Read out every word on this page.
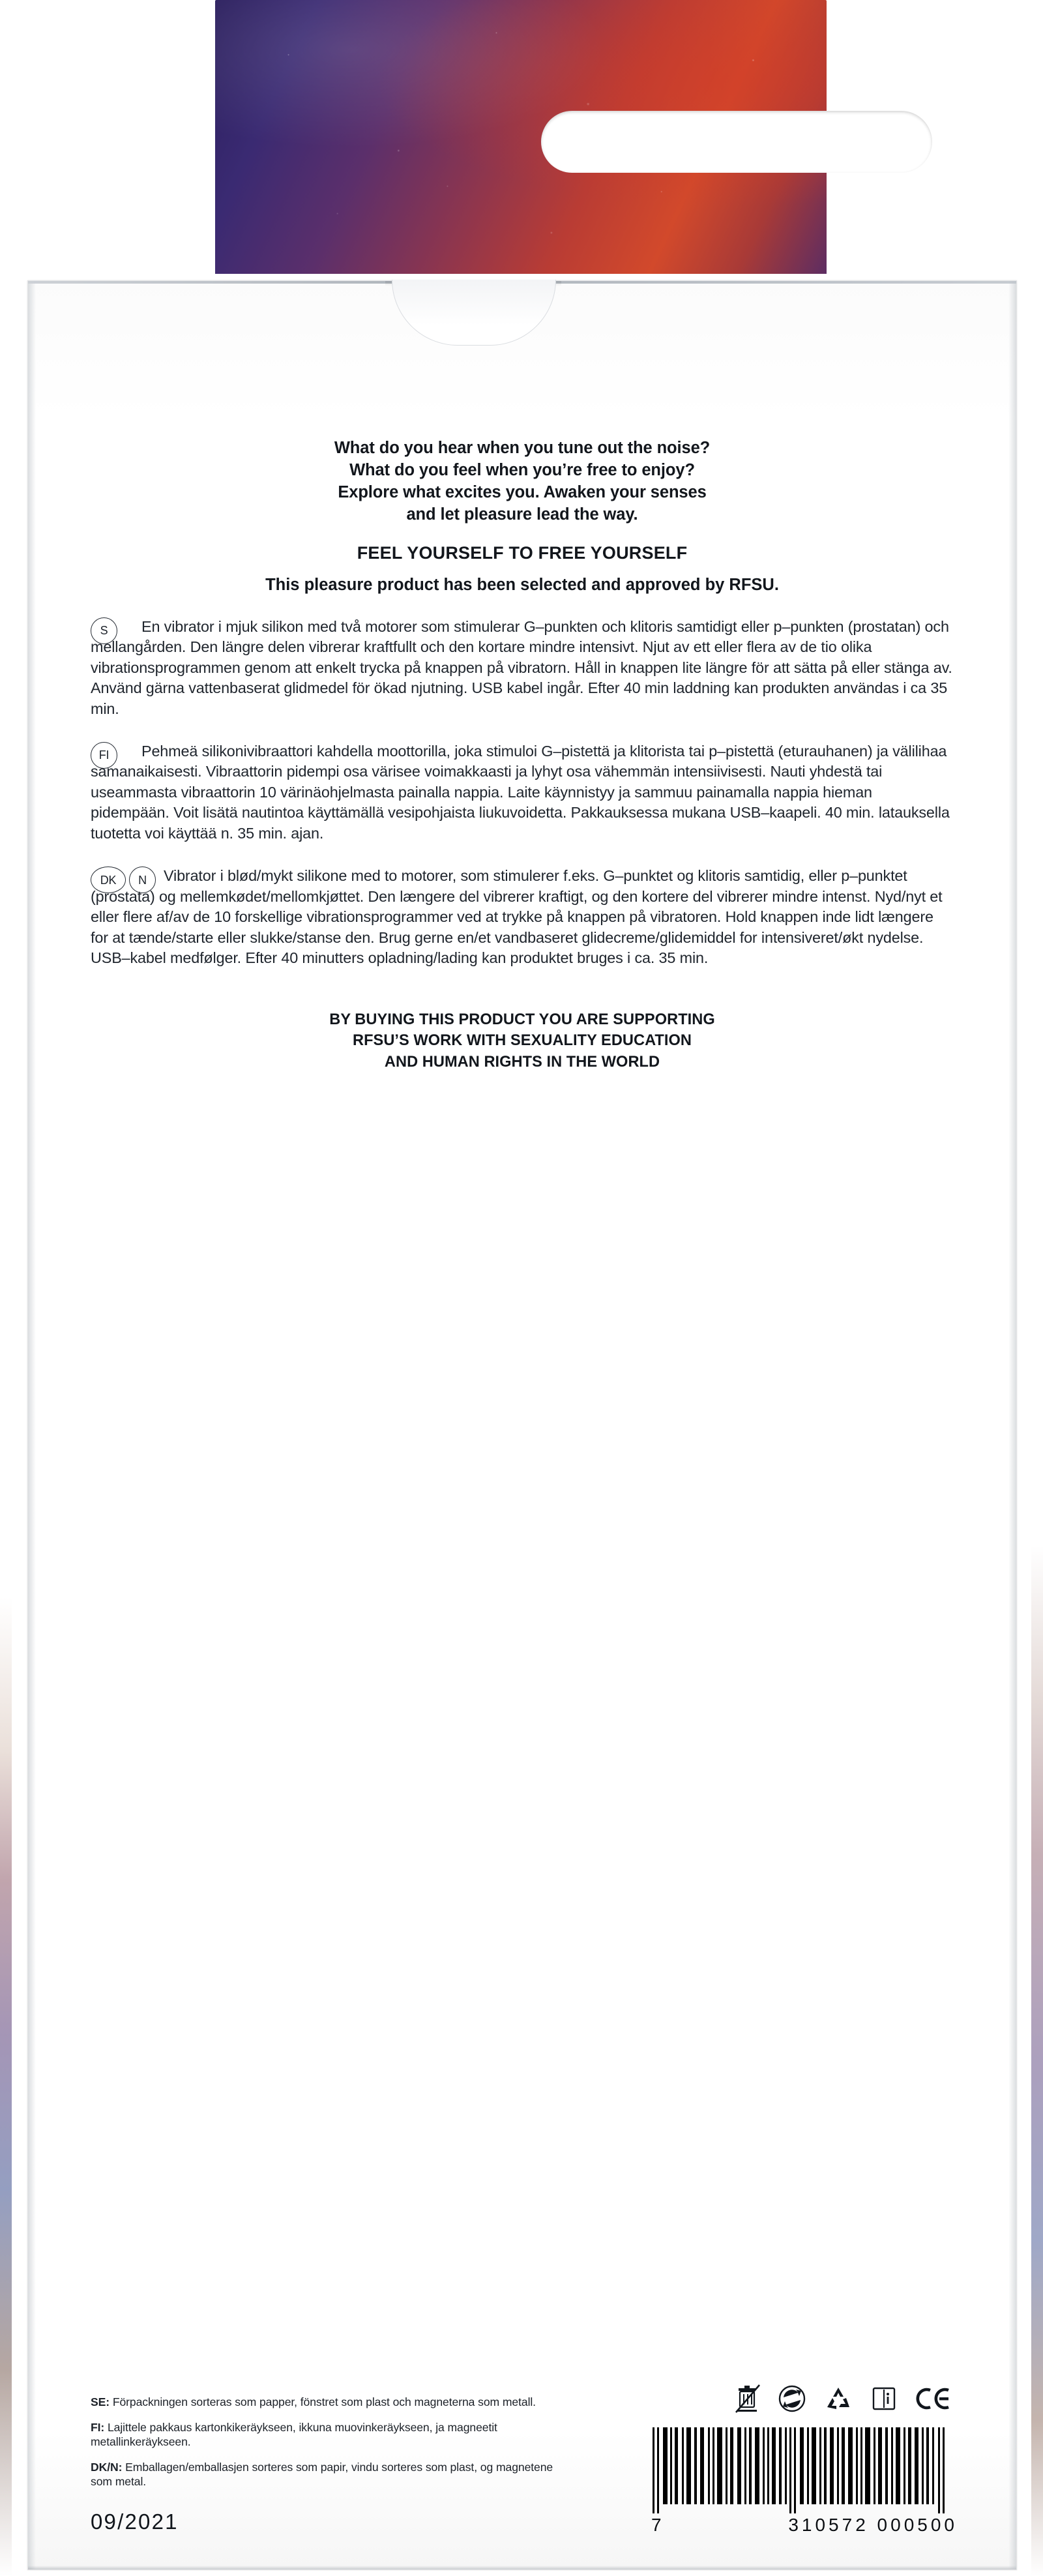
✦
What do you hear when you tune out the noise?
What do you feel when you’re free to enjoy?
Explore what excites you. Awaken your senses
and let pleasure lead the way.
FEEL YOURSELF TO FREE YOURSELF
This pleasure product has been selected and approved by RFSU.
S	En vibrator i mjuk silikon med två motorer som stimulerar G–punkten och klitoris samtidigt eller p–punkten (prostatan) och mellangården. Den längre delen vibrerar kraftfullt och den kortare mindre intensivt. Njut av ett eller flera av de tio olika vibrationsprogrammen genom att enkelt trycka på knappen på vibratorn. Håll in knappen lite längre för att sätta på eller stänga av. Använd gärna vattenbaserat glidmedel för ökad njutning. USB kabel ingår. Efter 40 min laddning kan produkten användas i ca 35 min.

FI	Pehmeä silikonivibraattori kahdella moottorilla, joka stimuloi G–pistettä ja klitorista tai p–pistettä (eturauhanen) ja välilihaa samanaikaisesti. Vibraattorin pidempi osa värisee voimakkaasti ja lyhyt osa vähemmän intensiivisesti. Nauti yhdestä tai useammasta vibraattorin 10 värinäohjelmasta painalla nappia. Laite käynnistyy ja sammuu painamalla nappia hieman pidempään. Voit lisätä nautintoa käyttämällä vesipohjaista liukuvoidetta. Pakkauksessa mukana USB–kaapeli. 40 min. latauksella tuotetta voi käyttää n. 35 min. ajan.

DK	N	Vibrator i blød/mykt silikone med to motorer, som stimulerer f.eks. G–punktet og klitoris samtidig, eller p–punktet (prostata) og mellemkødet/mellomkjøttet. Den længere del vibrerer kraftigt, og den kortere del vibrerer mindre intenst. Nyd/nyt et eller flere af/av de 10 forskellige vibrationsprogrammer ved at trykke på knappen på vibratoren. Hold knappen inde lidt længere for at tænde/starte eller slukke/stanse den. Brug gerne en/et vandbaseret glidecreme/glidemiddel for intensiveret/økt nydelse. USB–kabel medfølger. Efter 40 minutters opladning/lading kan produktet bruges i ca. 35 min.

BY BUYING THIS PRODUCT YOU ARE SUPPORTING
RFSU’S WORK WITH SEXUALITY EDUCATION
AND HUMAN RIGHTS IN THE WORLD
SE: Förpackningen sorteras som papper, fönstret som plast och magneterna som metall.
FI: Lajittele pakkaus kartonkikeräykseen, ikkuna muovinkeräykseen, ja magneetit metallinkeräykseen.
DK/N: Emballagen/emballasjen sorteres som papir, vindu sorteres som plast, og magnetene som metal.
09/2021	7	310572 000500
